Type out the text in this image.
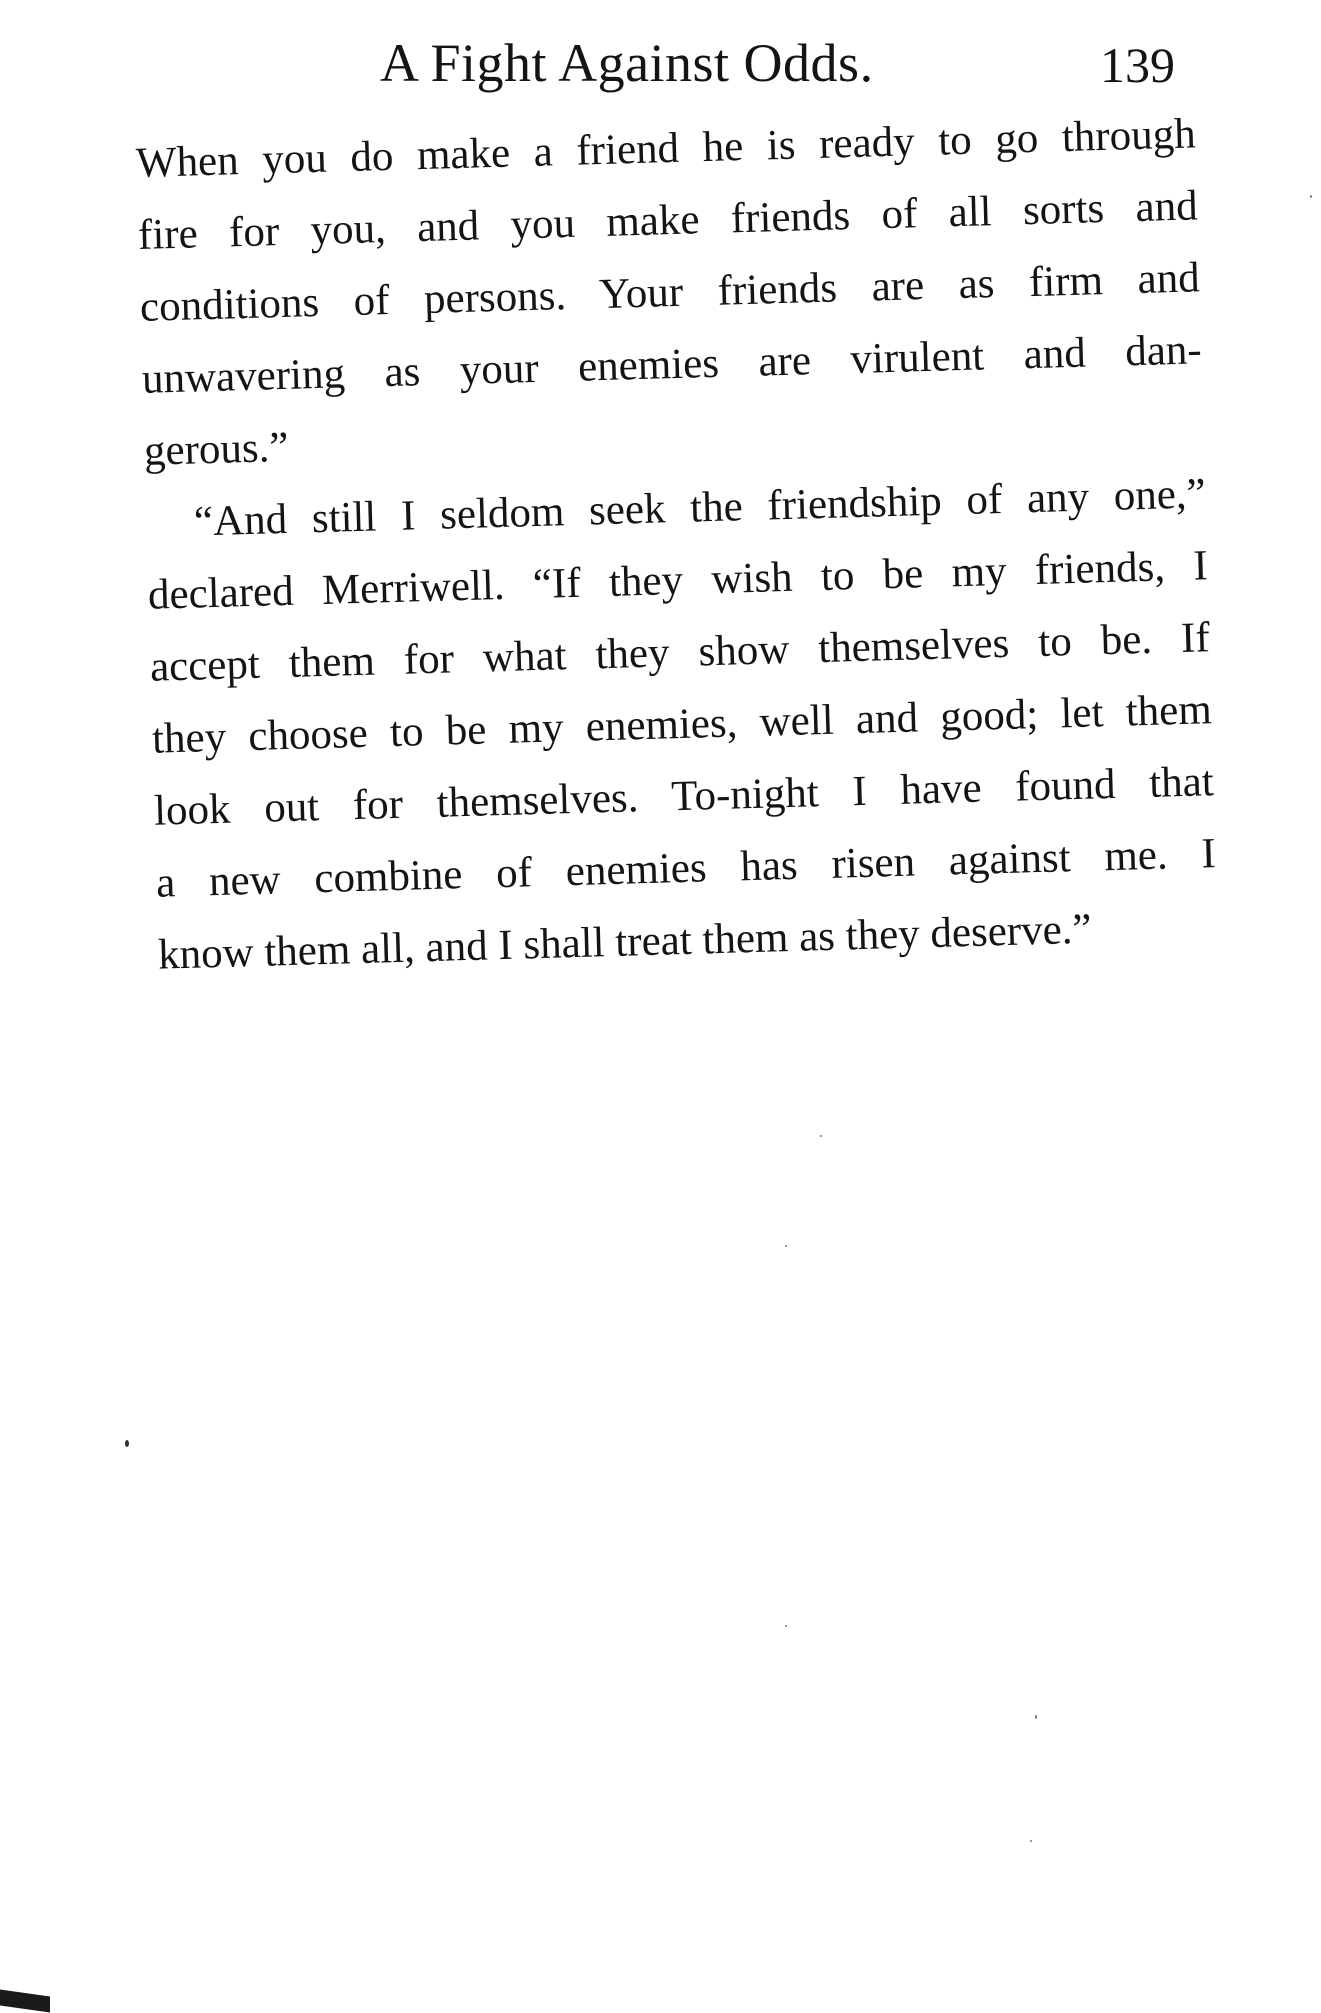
A Fight Against Odds.	139
When you do make a friend he is ready to go through
fire for you, and you make friends of all sorts and
conditions of persons. Your friends are as firm and
unwavering as your enemies are virulent and dan-
gerous.”
“And still I seldom seek the friendship of any one,”
declared Merriwell. “If they wish to be my friends, I
accept them for what they show themselves to be. If
they choose to be my enemies, well and good; let them
look out for themselves. To-night I have found that
a new combine of enemies has risen against me. I
know them all, and I shall treat them as they deserve.”
